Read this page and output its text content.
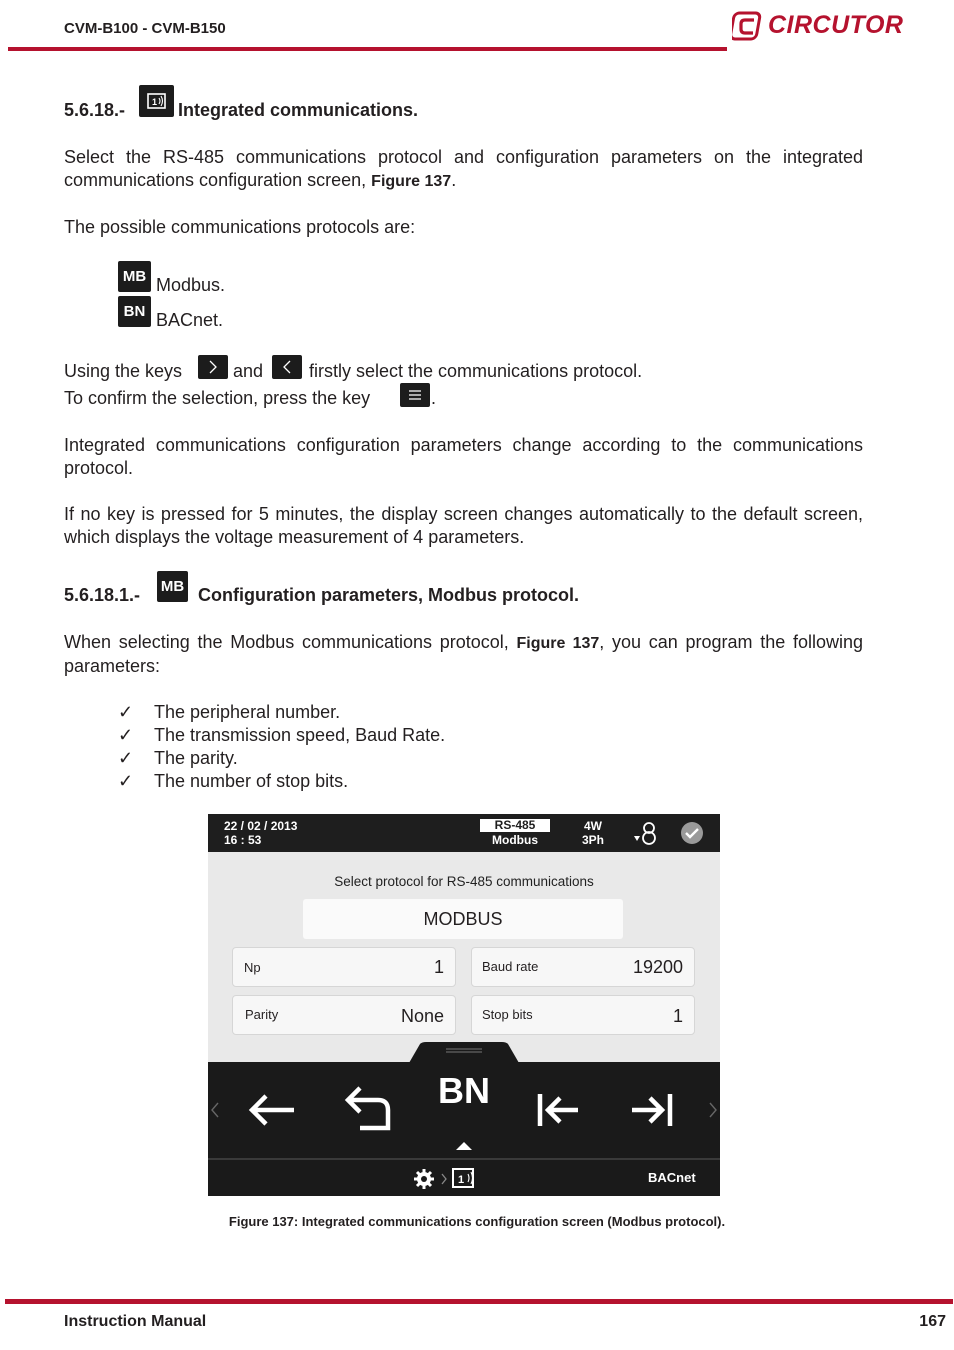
CVM-B100 - CVM-B150	CIRCUTOR
5.6.18.-	1 Integrated communications.
Select the RS-485 communications protocol and configuration parameters on the integrated communications configuration screen, Figure 137.
The possible communications protocols are:
MB Modbus.
BN BACnet.
Using the keys	and	firstly select the communications protocol.
To confirm the selection, press the key	.
Integrated communications configuration parameters change according to the communications protocol.
If no key is pressed for 5 minutes, the display screen changes automatically to the default screen, which displays the voltage measurement of 4 parameters.
5.6.18.1.- MB Configuration parameters, Modbus protocol.
When selecting the Modbus communications protocol, Figure 137, you can program the following parameters:
✓ The peripheral number.
✓ The transmission speed, Baud Rate.
✓ The parity.
✓ The number of stop bits.
22 / 02 / 2013
16 : 53
RS-485
Modbus
4W
3Ph
Select protocol for RS-485 communications
MODBUS
Np	1	Baud rate	19200
Parity	None	Stop bits	1
BN
1	BACnet
Figure 137: Integrated communications configuration screen (Modbus protocol).
Instruction Manual	167
